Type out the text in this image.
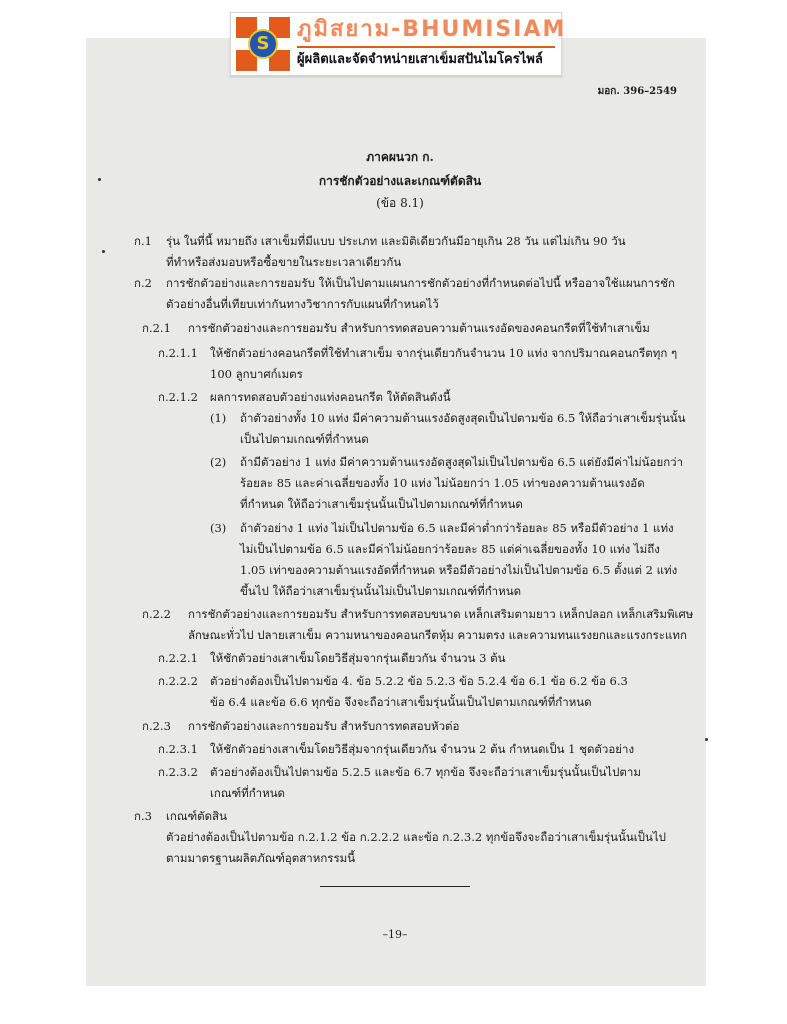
S
ภูมิสยาม-BHUMISIAM
ผู้ผลิตและจัดจำหน่ายเสาเข็มสปันไมโครไพล์
มอก. 396–2549
ภาคผนวก ก.
การชักตัวอย่างและเกณฑ์ตัดสิน
(ข้อ 8.1)
ก.1 รุ่น ในที่นี้ หมายถึง เสาเข็มที่มีแบบ ประเภท และมิติเดียวกันมีอายุเกิน 28 วัน แต่ไม่เกิน 90 วัน
ที่ทำหรือส่งมอบหรือซื้อขายในระยะเวลาเดียวกัน
ก.2 การชักตัวอย่างและการยอมรับ ให้เป็นไปตามแผนการชักตัวอย่างที่กำหนดต่อไปนี้ หรืออาจใช้แผนการชัก
ตัวอย่างอื่นที่เทียบเท่ากันทางวิชาการกับแผนที่กำหนดไว้
ก.2.1 การชักตัวอย่างและการยอมรับ สำหรับการทดสอบความต้านแรงอัดของคอนกรีตที่ใช้ทำเสาเข็ม
ก.2.1.1 ให้ชักตัวอย่างคอนกรีตที่ใช้ทำเสาเข็ม จากรุ่นเดียวกันจำนวน 10 แท่ง จากปริมาณคอนกรีตทุก ๆ
100 ลูกบาศก์เมตร
ก.2.1.2 ผลการทดสอบตัวอย่างแท่งคอนกรีต ให้ตัดสินดังนี้
(1) ถ้าตัวอย่างทั้ง 10 แท่ง มีค่าความต้านแรงอัดสูงสุดเป็นไปตามข้อ 6.5 ให้ถือว่าเสาเข็มรุ่นนั้น
เป็นไปตามเกณฑ์ที่กำหนด
(2) ถ้ามีตัวอย่าง 1 แท่ง มีค่าความต้านแรงอัดสูงสุดไม่เป็นไปตามข้อ 6.5 แต่ยังมีค่าไม่น้อยกว่า
ร้อยละ 85 และค่าเฉลี่ยของทั้ง 10 แท่ง ไม่น้อยกว่า 1.05 เท่าของความต้านแรงอัด
ที่กำหนด ให้ถือว่าเสาเข็มรุ่นนั้นเป็นไปตามเกณฑ์ที่กำหนด
(3) ถ้าตัวอย่าง 1 แท่ง ไม่เป็นไปตามข้อ 6.5 และมีค่าต่ำกว่าร้อยละ 85 หรือมีตัวอย่าง 1 แท่ง
ไม่เป็นไปตามข้อ 6.5 และมีค่าไม่น้อยกว่าร้อยละ 85 แต่ค่าเฉลี่ยของทั้ง 10 แท่ง ไม่ถึง
1.05 เท่าของความต้านแรงอัดที่กำหนด หรือมีตัวอย่างไม่เป็นไปตามข้อ 6.5 ตั้งแต่ 2 แท่ง
ขึ้นไป ให้ถือว่าเสาเข็มรุ่นนั้นไม่เป็นไปตามเกณฑ์ที่กำหนด
ก.2.2 การชักตัวอย่างและการยอมรับ สำหรับการทดสอบขนาด เหล็กเสริมตามยาว เหล็กปลอก เหล็กเสริมพิเศษ
ลักษณะทั่วไป ปลายเสาเข็ม ความหนาของคอนกรีตหุ้ม ความตรง และความทนแรงยกและแรงกระแทก
ก.2.2.1 ให้ชักตัวอย่างเสาเข็มโดยวิธีสุ่มจากรุ่นเดียวกัน จำนวน 3 ต้น
ก.2.2.2 ตัวอย่างต้องเป็นไปตามข้อ 4. ข้อ 5.2.2 ข้อ 5.2.3 ข้อ 5.2.4 ข้อ 6.1 ข้อ 6.2 ข้อ 6.3
ข้อ 6.4 และข้อ 6.6 ทุกข้อ จึงจะถือว่าเสาเข็มรุ่นนั้นเป็นไปตามเกณฑ์ที่กำหนด
ก.2.3 การชักตัวอย่างและการยอมรับ สำหรับการทดสอบหัวต่อ
ก.2.3.1 ให้ชักตัวอย่างเสาเข็มโดยวิธีสุ่มจากรุ่นเดียวกัน จำนวน 2 ต้น กำหนดเป็น 1 ชุดตัวอย่าง
ก.2.3.2 ตัวอย่างต้องเป็นไปตามข้อ 5.2.5 และข้อ 6.7 ทุกข้อ จึงจะถือว่าเสาเข็มรุ่นนั้นเป็นไปตาม
เกณฑ์ที่กำหนด
ก.3 เกณฑ์ตัดสิน
ตัวอย่างต้องเป็นไปตามข้อ ก.2.1.2 ข้อ ก.2.2.2 และข้อ ก.2.3.2 ทุกข้อจึงจะถือว่าเสาเข็มรุ่นนั้นเป็นไป
ตามมาตรฐานผลิตภัณฑ์อุตสาหกรรมนี้
–19–
